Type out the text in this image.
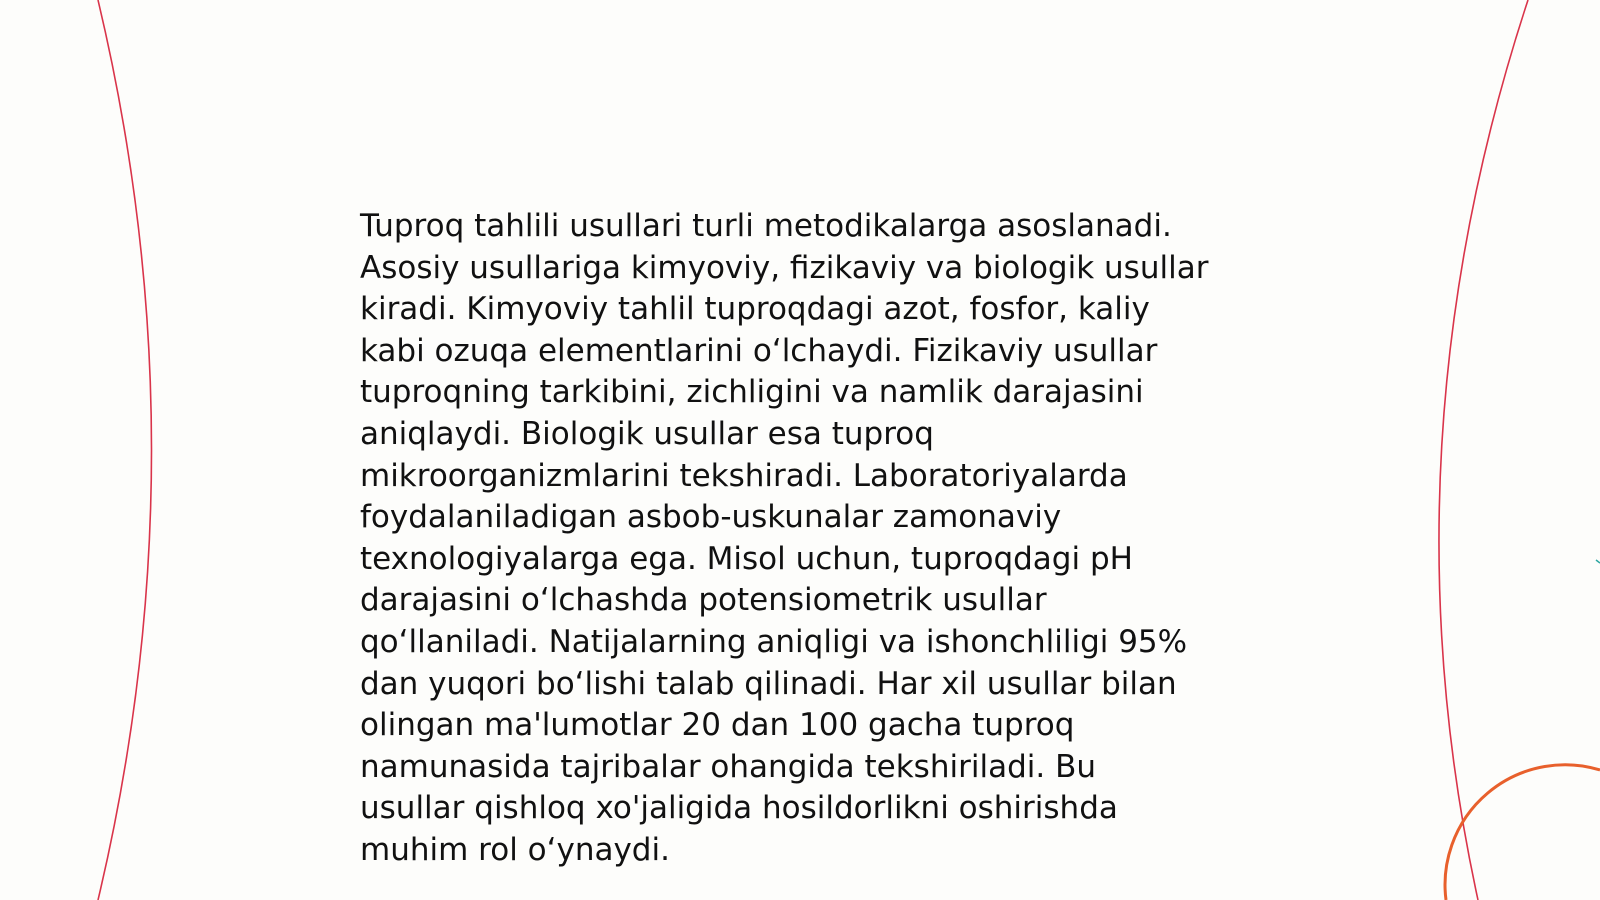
Tuproq tahlili usullari turli metodikalarga asoslanadi.
Asosiy usullariga kimyoviy, fizikaviy va biologik usullar
kiradi. Kimyoviy tahlil tuproqdagi azot, fosfor, kaliy
kabi ozuqa elementlarini o‘lchaydi. Fizikaviy usullar
tuproqning tarkibini, zichligini va namlik darajasini
aniqlaydi. Biologik usullar esa tuproq
mikroorganizmlarini tekshiradi. Laboratoriyalarda
foydalaniladigan asbob-uskunalar zamonaviy
texnologiyalarga ega. Misol uchun, tuproqdagi pH
darajasini o‘lchashda potensiometrik usullar
qo‘llaniladi. Natijalarning aniqligi va ishonchliligi 95%
dan yuqori bo‘lishi talab qilinadi. Har xil usullar bilan
olingan ma'lumotlar 20 dan 100 gacha tuproq
namunasida tajribalar ohangida tekshiriladi. Bu
usullar qishloq xo'jaligida hosildorlikni oshirishda
muhim rol o‘ynaydi.
